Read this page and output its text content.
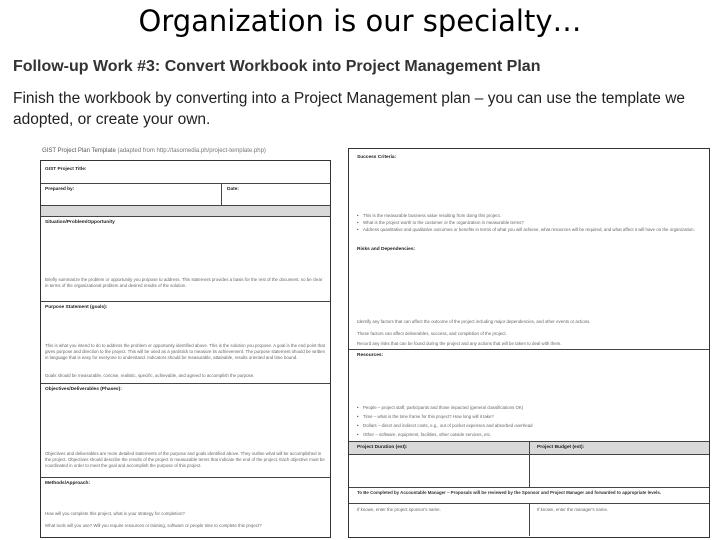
Organization is our specialty…
Follow-up Work #3: Convert Workbook into Project Management Plan
Finish the workbook by converting into a Project Management plan – you can use the template we adopted, or create your own.
GIST Project Plan Template (adapted from http://tasomedia.ph/project-template.php)
GIST Project Title:
Prepared by:	Date:
Situation/Problem/Opportunity
Briefly summarize the problem or opportunity you propose to address. This statement provides a basis for the rest of the document, so be clear in terms of the organizational problem and desired results of the solution.
Purpose Statement (goals):
This is what you intend to do to address the problem or opportunity identified above. This is the solution you propose. A goal is the end point that gives purpose and direction to the project. This will be used as a yardstick to measure its achievement. The purpose statement should be written in language that is easy for everyone to understand. Indicators should be measurable, attainable, results oriented and time bound.
Goals should be measurable, concise, realistic, specific, achievable, and agreed to accomplish the purpose.
Objectives/Deliverables (Phases):
Objectives and deliverables are more detailed statements of the purpose and goals identified above. They outline what will be accomplished in the project. Objectives should describe the results of the project in measurable terms that indicate the end of the project. Each objective must be coordinated in order to meet the goal and accomplish the purpose of this project.
Methods/Approach:
How will you complete this project, what is your strategy for completion?
What tools will you use? Will you require resources or training, software or people time to complete this project?
Success Criteria:
• This is the measurable business value resulting from doing this project.
• What is the project worth to the customer or the organization in measurable terms?
• Address quantitative and qualitative outcomes or benefits in terms of what you will achieve, what resources will be required, and what affect it will have on the organization.
Risks and Dependencies:
Identify any factors that can affect the outcome of the project including major dependencies, and other events or actions.
These factors can affect deliverables, success, and completion of the project.
Record any risks that can be found during the project and any actions that will be taken to deal with them.
Resources:
• People – project staff, participants and those impacted (general classifications OK)
• Time – what is the time frame for this project? How long will it take?
• Dollars – direct and indirect costs, e.g., out of pocket expenses and absorbed overhead
• Other – software, equipment, facilities, other outside services, etc.
Project Duration (est):	Project Budget (est):
To Be Completed by Accountable Manager – Proposals will be reviewed by the Sponsor and Project Manager and forwarded to appropriate levels.
If known, enter the project sponsor's name.	If known, enter the manager's name.
